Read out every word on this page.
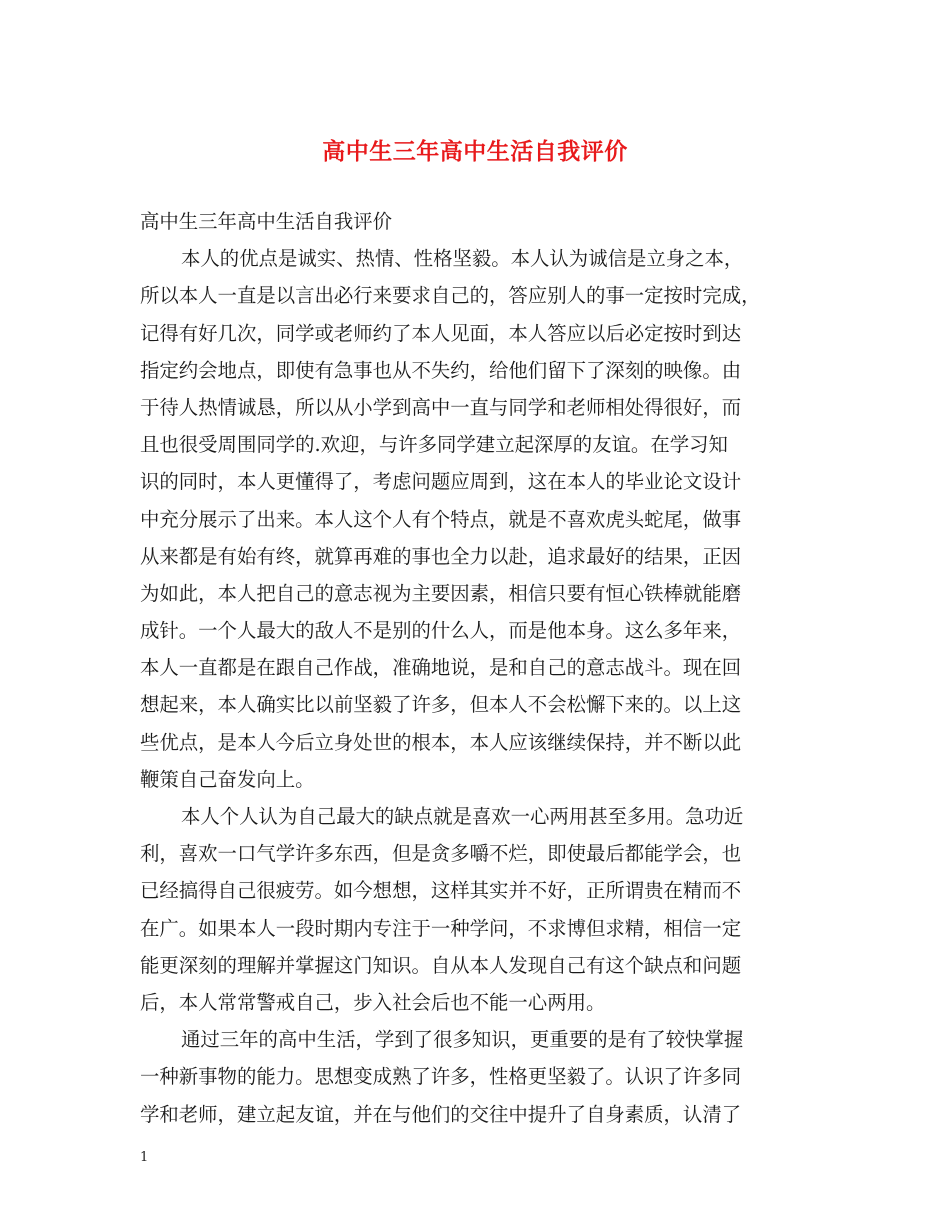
高中生三年高中生活自我评价
高中生三年高中生活自我评价
本人的优点是诚实、热情、性格坚毅。本人认为诚信是立身之本，
所以本人一直是以言出必行来要求自己的，答应别人的事一定按时完成，
记得有好几次，同学或老师约了本人见面，本人答应以后必定按时到达
指定约会地点，即使有急事也从不失约，给他们留下了深刻的映像。由
于待人热情诚恳，所以从小学到高中一直与同学和老师相处得很好，而
且也很受周围同学的.欢迎，与许多同学建立起深厚的友谊。在学习知
识的同时，本人更懂得了，考虑问题应周到，这在本人的毕业论文设计
中充分展示了出来。本人这个人有个特点，就是不喜欢虎头蛇尾，做事
从来都是有始有终，就算再难的事也全力以赴，追求最好的结果，正因
为如此，本人把自己的意志视为主要因素，相信只要有恒心铁棒就能磨
成针。一个人最大的敌人不是别的什么人，而是他本身。这么多年来，
本人一直都是在跟自己作战，准确地说，是和自己的意志战斗。现在回
想起来，本人确实比以前坚毅了许多，但本人不会松懈下来的。以上这
些优点，是本人今后立身处世的根本，本人应该继续保持，并不断以此
鞭策自己奋发向上。
本人个人认为自己最大的缺点就是喜欢一心两用甚至多用。急功近
利，喜欢一口气学许多东西，但是贪多嚼不烂，即使最后都能学会，也
已经搞得自己很疲劳。如今想想，这样其实并不好，正所谓贵在精而不
在广。如果本人一段时期内专注于一种学问，不求博但求精，相信一定
能更深刻的理解并掌握这门知识。自从本人发现自己有这个缺点和问题
后，本人常常警戒自己，步入社会后也不能一心两用。
通过三年的高中生活，学到了很多知识，更重要的是有了较快掌握
一种新事物的能力。思想变成熟了许多，性格更坚毅了。认识了许多同
学和老师，建立起友谊，并在与他们的交往中提升了自身素质，认清了
1
